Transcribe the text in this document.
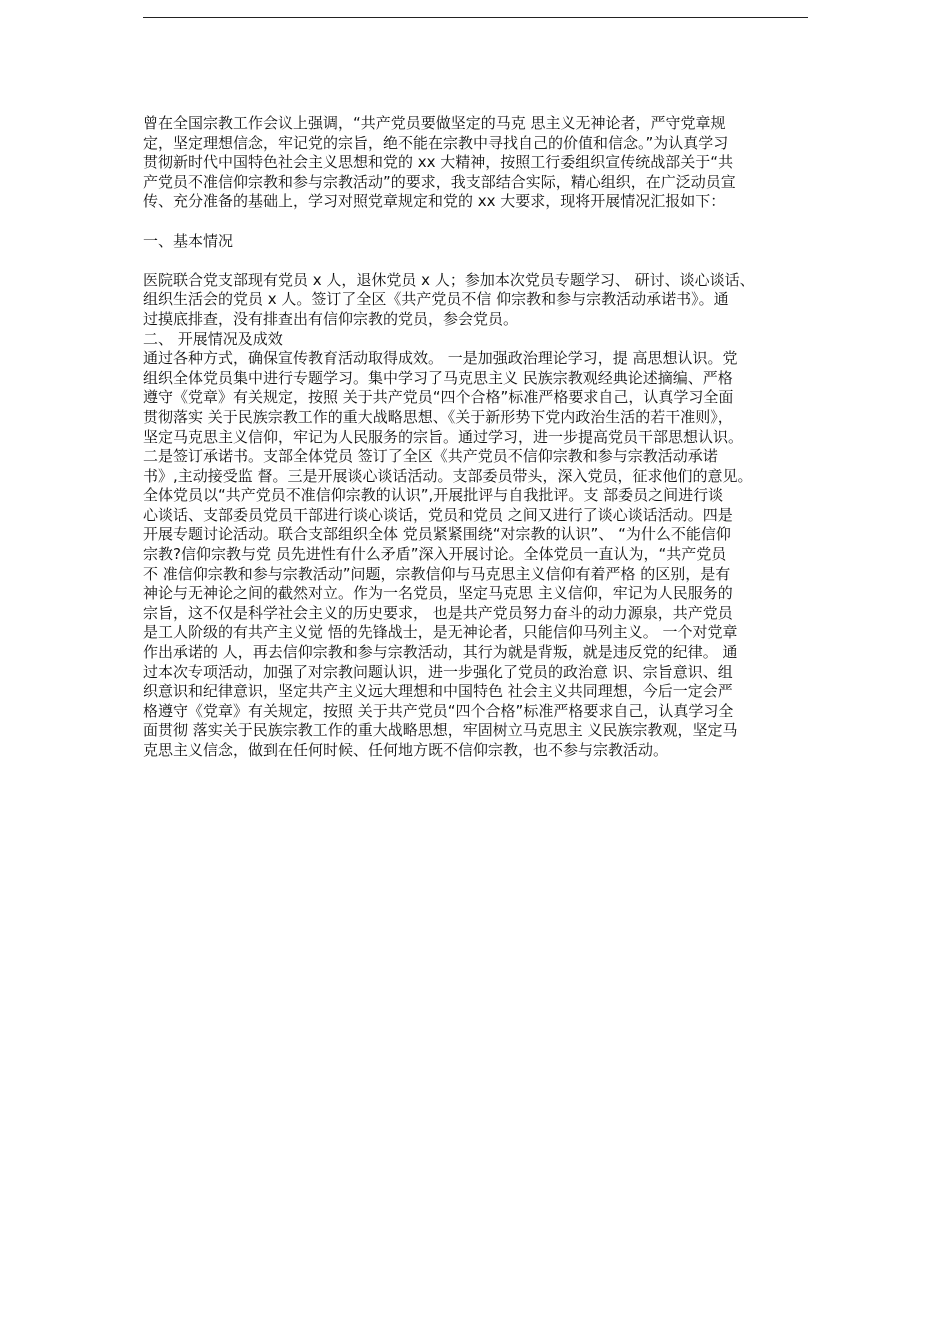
曾在全国宗教工作会议上强调，“共产党员要做坚定的马克 思主义无神论者，严守党章规
定，坚定理想信念，牢记党的宗旨，绝不能在宗教中寻找自己的价值和信念。”为认真学习
贯彻新时代中国特色社会主义思想和党的 xx 大精神，按照工行委组织宣传统战部关于“共
产党员不准信仰宗教和参与宗教活动”的要求，我支部结合实际，精心组织，在广泛动员宣
传、充分准备的基础上，学习对照党章规定和党的 xx 大要求，现将开展情况汇报如下：
一、基本情况
医院联合党支部现有党员 x 人，退休党员 x 人；参加本次党员专题学习、 研讨、谈心谈话、
组织生活会的党员 x 人。签订了全区《共产党员不信 仰宗教和参与宗教活动承诺书》。通
过摸底排查，没有排查出有信仰宗教的党员，参会党员。
二、 开展情况及成效
通过各种方式，确保宣传教育活动取得成效。 一是加强政治理论学习，提 高思想认识。党
组织全体党员集中进行专题学习。集中学习了马克思主义 民族宗教观经典论述摘编、严格
遵守《党章》有关规定，按照 关于共产党员“四个合格”标准严格要求自己，认真学习全面
贯彻落实 关于民族宗教工作的重大战略思想、《关于新形势下党内政治生活的若干准则》，
坚定马克思主义信仰，牢记为人民服务的宗旨。通过学习，进一步提高党员干部思想认识。
二是签订承诺书。支部全体党员 签订了全区《共产党员不信仰宗教和参与宗教活动承诺
书》,主动接受监 督。三是开展谈心谈话活动。支部委员带头，深入党员，征求他们的意见。
全体党员以“共产党员不准信仰宗教的认识”,开展批评与自我批评。支 部委员之间进行谈
心谈话、支部委员党员干部进行谈心谈话，党员和党员 之间又进行了谈心谈话活动。四是
开展专题讨论活动。联合支部组织全体 党员紧紧围绕“对宗教的认识”、 “为什么不能信仰
宗教?信仰宗教与党 员先进性有什么矛盾”深入开展讨论。全体党员一直认为，“共产党员
不 准信仰宗教和参与宗教活动”问题，宗教信仰与马克思主义信仰有着严格 的区别，是有
神论与无神论之间的截然对立。作为一名党员，坚定马克思 主义信仰，牢记为人民服务的
宗旨，这不仅是科学社会主义的历史要求， 也是共产党员努力奋斗的动力源泉，共产党员
是工人阶级的有共产主义觉 悟的先锋战士，是无神论者，只能信仰马列主义。 一个对党章
作出承诺的 人，再去信仰宗教和参与宗教活动，其行为就是背叛，就是违反党的纪律。 通
过本次专项活动，加强了对宗教问题认识，进一步强化了党员的政治意 识、宗旨意识、组
织意识和纪律意识，坚定共产主义远大理想和中国特色 社会主义共同理想，今后一定会严
格遵守《党章》有关规定，按照 关于共产党员“四个合格”标准严格要求自己，认真学习全
面贯彻 落实关于民族宗教工作的重大战略思想，牢固树立马克思主 义民族宗教观，坚定马
克思主义信念，做到在任何时候、任何地方既不信仰宗教，也不参与宗教活动。
